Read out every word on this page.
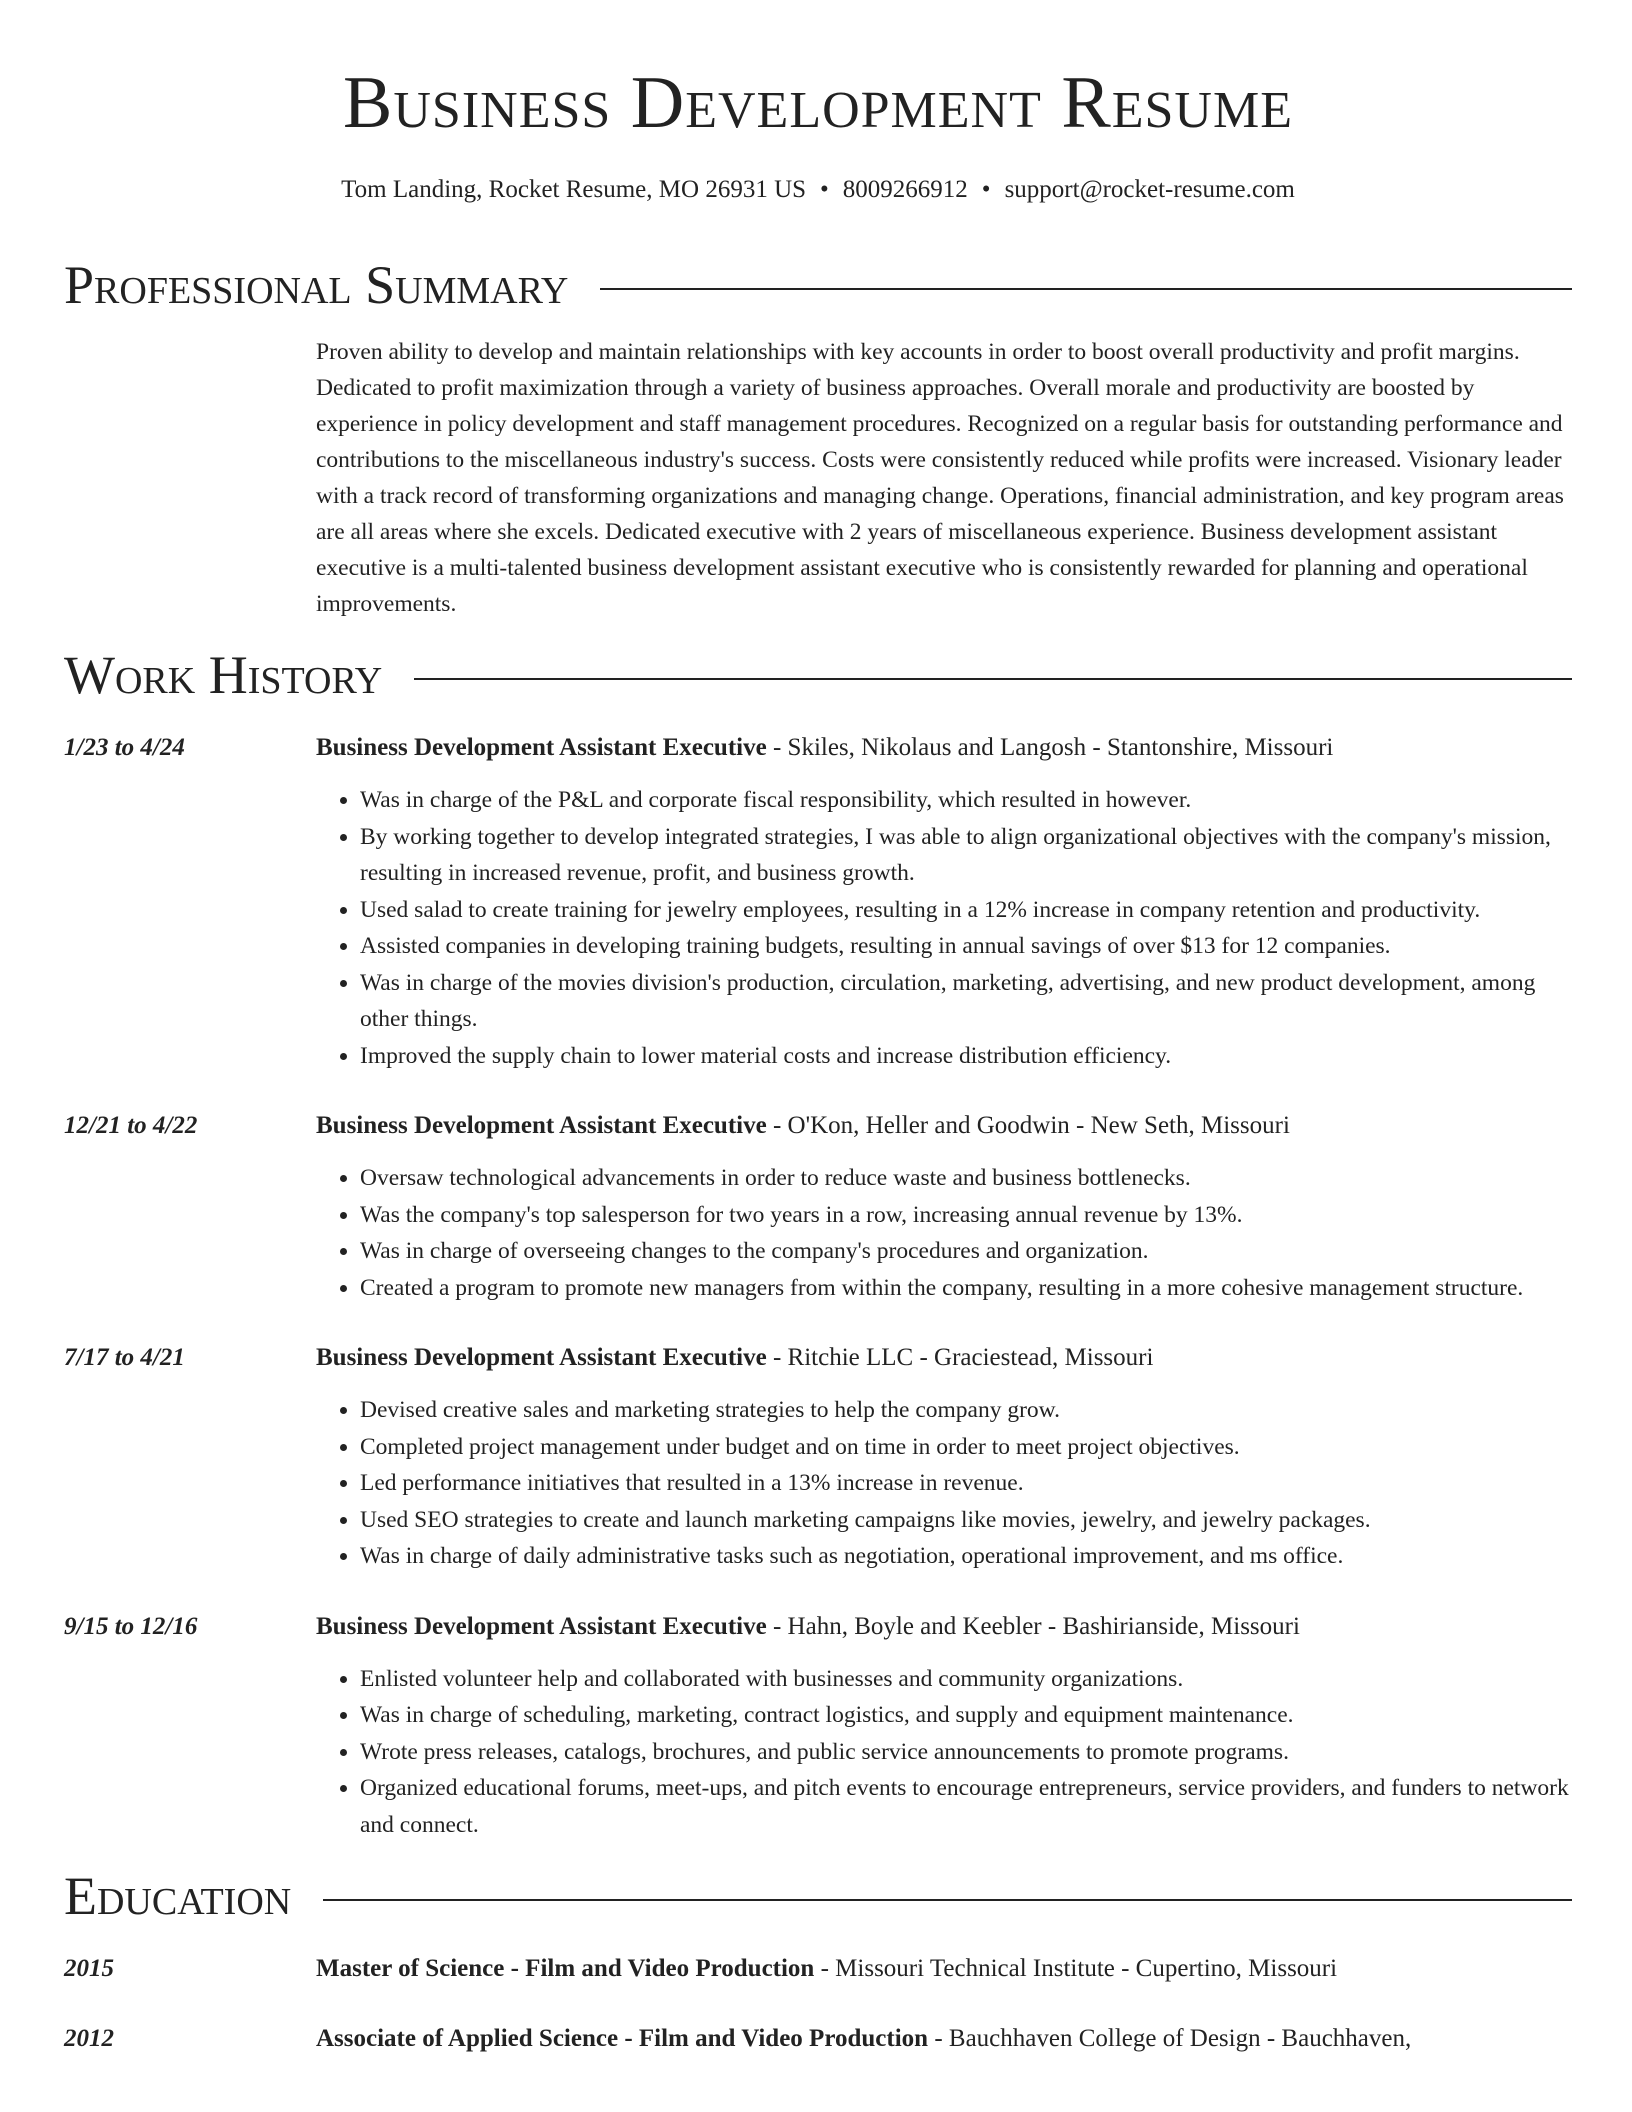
Business Development Resume
Tom Landing, Rocket Resume, MO 26931 US • 8009266912 • support@rocket-resume.com
Professional Summary
Proven ability to develop and maintain relationships with key accounts in order to boost overall productivity and profit margins. Dedicated to profit maximization through a variety of business approaches. Overall morale and productivity are boosted by experience in policy development and staff management procedures. Recognized on a regular basis for outstanding performance and contributions to the miscellaneous industry's success. Costs were consistently reduced while profits were increased. Visionary leader with a track record of transforming organizations and managing change. Operations, financial administration, and key program areas are all areas where she excels. Dedicated executive with 2 years of miscellaneous experience. Business development assistant executive is a multi-talented business development assistant executive who is consistently rewarded for planning and operational improvements.
Work History
1/23 to 4/24	Business Development Assistant Executive - Skiles, Nikolaus and Langosh - Stantonshire, Missouri
• Was in charge of the P&L and corporate fiscal responsibility, which resulted in however.
• By working together to develop integrated strategies, I was able to align organizational objectives with the company's mission, resulting in increased revenue, profit, and business growth.
• Used salad to create training for jewelry employees, resulting in a 12% increase in company retention and productivity.
• Assisted companies in developing training budgets, resulting in annual savings of over $13 for 12 companies.
• Was in charge of the movies division's production, circulation, marketing, advertising, and new product development, among other things.
• Improved the supply chain to lower material costs and increase distribution efficiency.
12/21 to 4/22	Business Development Assistant Executive - O'Kon, Heller and Goodwin - New Seth, Missouri
• Oversaw technological advancements in order to reduce waste and business bottlenecks.
• Was the company's top salesperson for two years in a row, increasing annual revenue by 13%.
• Was in charge of overseeing changes to the company's procedures and organization.
• Created a program to promote new managers from within the company, resulting in a more cohesive management structure.
7/17 to 4/21	Business Development Assistant Executive - Ritchie LLC - Graciestead, Missouri
• Devised creative sales and marketing strategies to help the company grow.
• Completed project management under budget and on time in order to meet project objectives.
• Led performance initiatives that resulted in a 13% increase in revenue.
• Used SEO strategies to create and launch marketing campaigns like movies, jewelry, and jewelry packages.
• Was in charge of daily administrative tasks such as negotiation, operational improvement, and ms office.
9/15 to 12/16	Business Development Assistant Executive - Hahn, Boyle and Keebler - Bashirianside, Missouri
• Enlisted volunteer help and collaborated with businesses and community organizations.
• Was in charge of scheduling, marketing, contract logistics, and supply and equipment maintenance.
• Wrote press releases, catalogs, brochures, and public service announcements to promote programs.
• Organized educational forums, meet-ups, and pitch events to encourage entrepreneurs, service providers, and funders to network and connect.
Education
2015	Master of Science - Film and Video Production - Missouri Technical Institute - Cupertino, Missouri
2012	Associate of Applied Science - Film and Video Production - Bauchhaven College of Design - Bauchhaven,
